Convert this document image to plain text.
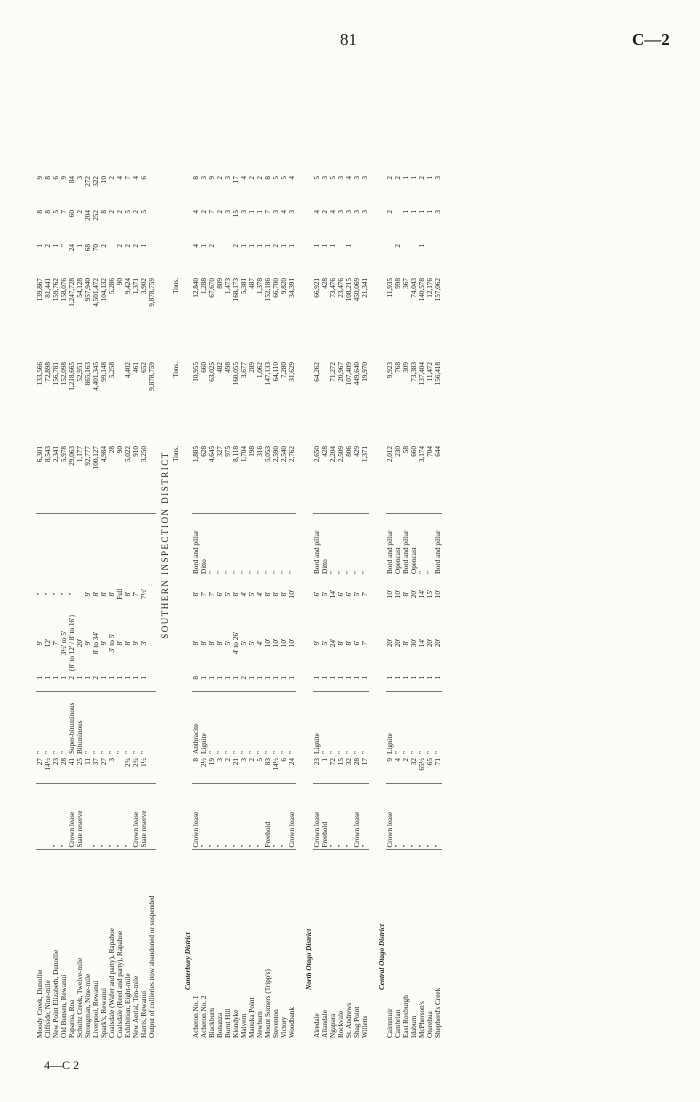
81	C—2
Moody Creek, Dunollie		27	"	1	9'	"		6,301	133,566	139,867	1	8	9	
Cliffside, Nine-mile		14½	"	1	12'	"		8,543	72,898	81,441	2	8	8	
New Point Elizabeth, Dunollie	"	23	"	1	7'	"		2,341	156,781	159,762	1	5	6	
Old Bunsen, Rewanui	"	28	"	1	3½' to 5'	"		5,978	152,098	158,076	"	7	9	
Paparoa, Roa	Crown lease	41	Super-bituminous	2	{8' to 12' / 8' to 16'}	"		29,063	1,218,665	1,247,728	24	60	84	

Schultz Creek, Twelve-mile	State reserve	25	Bituminous	1	20'			1,177	52,951	54,128	1	2	3	
Strongman, Nine-mile		11	"	1	9'	9'		92,777	865,163	957,940	68	204	272	
Liverpool, Rewanui	"	37	"	2	8' to 34'	8'		100,127	4,401,345	4,501,472	70	252	322	
Spark's, Rewanui	"	27	"	1	9'	8'		4,984	99,148	104,132	2	8	10	
Coalsdale (Wafer and party), Rapahoe	"	3	"	1	3' to 5'	8'		28	5,258	5,286		2	2	
Coalsdale (Reed and party), Rapahoe	"		"	1	8'	Full		90		90	2	2	4	
Exhibition, Eight-mile	"	2¾	"	1	8'	8'		5,022	4,402	9,424	2	5	7	
New Aerial, Ten-mile	Crown lease	2¾	"	1	9'	7'		910	461	1,371	2	2	4	
Harris, Rewanui	State reserve	1½	"	1	3'	7½'		3,250	652	3,902	1	5	6	
Output of collieries now abandoned or suspended									9,878,759	9,878,759				
SOUTHERN INSPECTION DISTRICT														
								Tons.	Tons.	Tons.				
Canterbury District														
Acheron No. 1	Crown lease	8	Anthracite	8	8'	8'	Bord and pillar	1,885	10,955	12,840	4	4	8	
Acheron No. 2	"	2½	Lignite	1	8'	7'	Ditto	628	660	1,288	1	2	3	
Blackburn	"	19	"	1	8'	7'	"	4,645	63,025	67,670	2	7	9	
Bonanza	"	3	"	1	8'	6'	"	327	482	809		2	2	
Burnt Hill	"	2	"	1	5'	5'	"	975	498	1,473		3	3	
Klondyke	"	21	"	1	4' to 26'	8'	"	8,118	160,055	168,173	2	15	17	
Malvern	"	3	"	2	5'	4'	"	1,704	3,677	5,381	1	3	4	
Manuka Point	"	2	"	1	5'	5'	"	198	289	487	1	1	2	
Newburn	"	5	"	1	4'	4'	"	316	1,062	1,378	1	1	2	
Mount Somers (Tripp's)	Freehold	83	"	1	10'	8'	"	5,053	147,133	152,186	1	7	8	
Steventon	"	14½	"	1	10'	8'	"	2,590	64,110	66,700	2	3	5	
Victory	"	6	"	1	10'	8'	"	2,540	7,280	9,820	1	4	5	
Woodbank	Crown lease	24	"	1	10'	10'	"	2,762	31,629	34,391	1	3	4	

North Otago District														
Airedale	Crown lease	23	Lignite	1	9'	6'	Bord and pillar	2,650	64,262	66,921	1	4	5	
Allandale	Freehold	1	"	1	5'	5'	Ditto	428		428	1	2	3	
Ngapara	"	72	"	1	24'	14'	"	2,204	71,272	73,476	1	4	5	
Rockvale	"	15	"	1	8'	6'	"	2,509	20,967	23,476		3	3	
St. Andrews	"	32	"	1	8'	6'	"	806	107,409	108,215	1	3	4	
Shag Point	Crown lease	28	"	1	6'	5'	"	429	449,640	450,069		3	3	
Willetts	"	17	"	1	7'	7'	"	1,371	19,970	21,341		3	3	

Central Otago District														
Cairnmuir	Crown lease	9	Lignite	1	20'	10'	Bord and pillar	2,012	9,923	11,935		2	2	
Cambrian	"	4	"	1	20'	10'	Opencast	230	768	998	2		2	
East Roxburgh	"	2	"	1	8'	8'	Bord and pillar	58	309	367		1	1	
Idaburn	"	32	"	1	30'	20'	Opencast	660	73,383	74,043		1	1	
McPherson's	"	65½	"	1	14'	14'	"	3,174	137,404	140,578	1	1	2	
Oturehua	"	65	"	1	20'	15'	"	704	11,472	12,176		1	1	
Shepherd's Creek	"	71	"	1	20'	10'	Bord and pillar	644	156,418	157,062		3	3	

4—C 2
